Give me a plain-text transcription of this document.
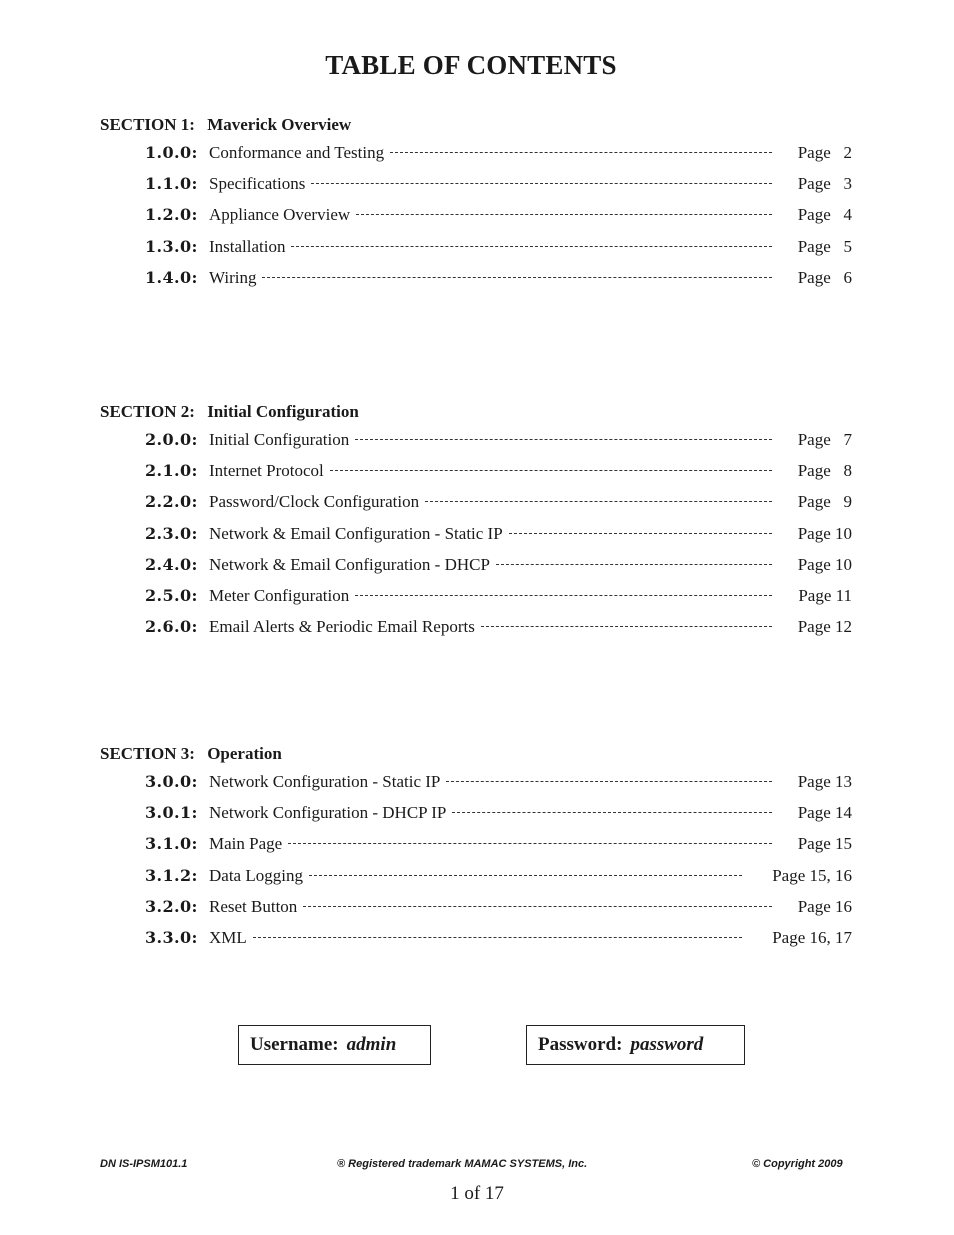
TABLE OF CONTENTS
SECTION 1: Maverick Overview
1.0.0: Conformance and Testing	Page   2
1.1.0: Specifications	Page   3
1.2.0: Appliance Overview	Page   4
1.3.0: Installation	Page   5
1.4.0: Wiring	Page   6
SECTION 2: Initial Configuration
2.0.0: Initial Configuration	Page   7
2.1.0: Internet Protocol	Page   8
2.2.0: Password/Clock Configuration	Page   9
2.3.0: Network & Email Configuration - Static IP	Page 10
2.4.0: Network & Email Configuration - DHCP	Page 10
2.5.0: Meter Configuration	Page 11
2.6.0: Email Alerts & Periodic Email Reports	Page 12
SECTION 3: Operation
3.0.0: Network Configuration - Static IP	Page 13
3.0.1: Network Configuration - DHCP IP	Page 14
3.1.0: Main Page	Page 15
3.1.2: Data Logging	Page 15, 16
3.2.0: Reset Button	Page 16
3.3.0: XML	Page 16, 17
Username: admin	Password: password
DN IS-IPSM101.1	® Registered trademark MAMAC SYSTEMS, Inc.	© Copyright 2009
1 of 17
